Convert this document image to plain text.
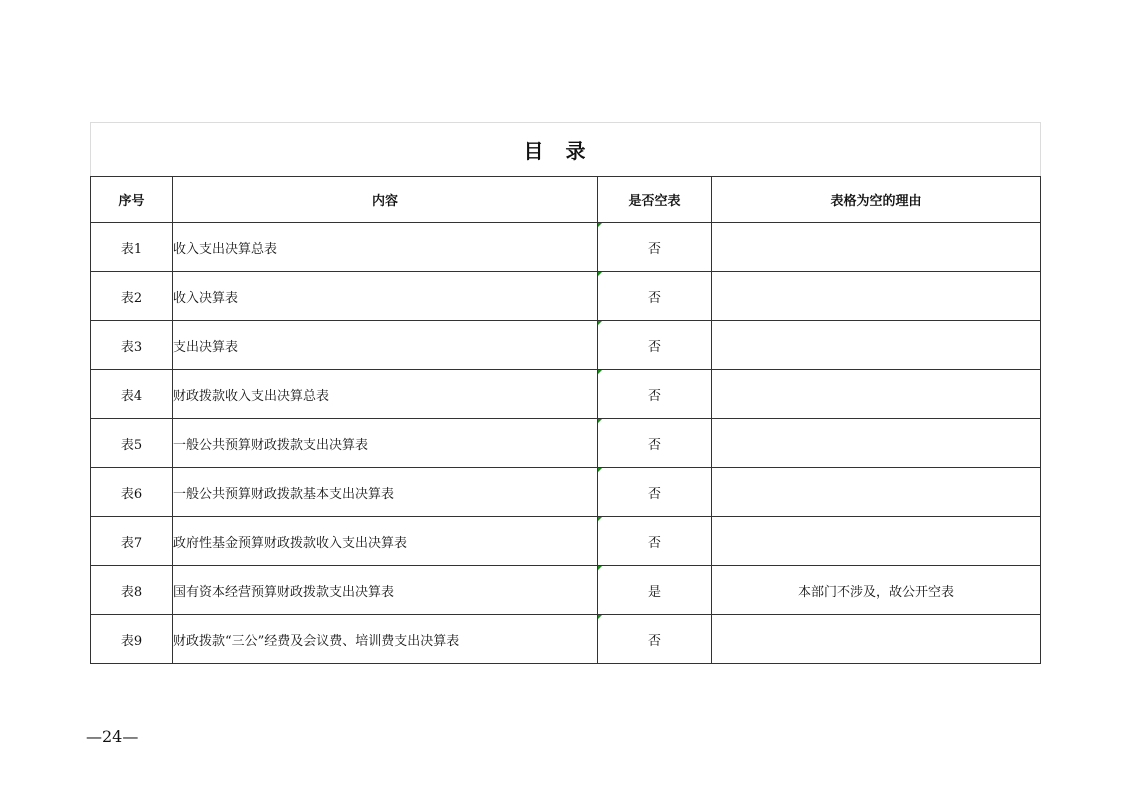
目录			
序号	内容	是否空表	表格为空的理由
表1	收入支出决算总表	否	
表2	收入决算表	否	
表3	支出决算表	否	
表4	财政拨款收入支出决算总表	否	
表5	一般公共预算财政拨款支出决算表	否	
表6	一般公共预算财政拨款基本支出决算表	否	
表7	政府性基金预算财政拨款收入支出决算表	否	
表8	国有资本经营预算财政拨款支出决算表	是	本部门不涉及，故公开空表
表9	财政拨款“三公”经费及会议费、培训费支出决算表	否	
—24—
